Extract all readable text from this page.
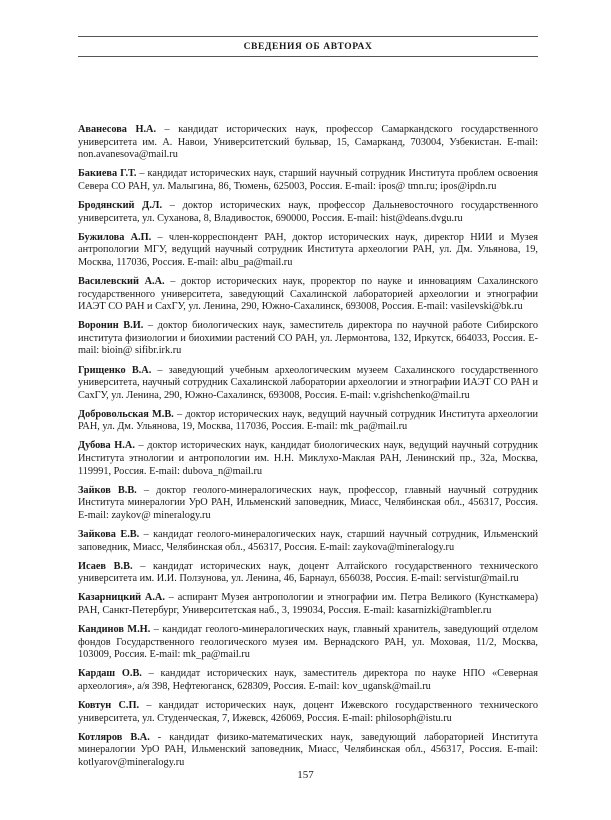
СВЕДЕНИЯ ОБ АВТОРАХ

Аванесова Н.А. – кандидат исторических наук, профессор Самаркандского государственного университета им. А. Навои, Университетский бульвар, 15, Самарканд, 703004, Узбекистан. E-mail: non.avanesova@mail.ru

Бакиева Г.Т. – кандидат исторических наук, старший научный сотрудник Института проблем освоения Севера СО РАН, ул. Малыгина, 86, Тюмень, 625003, Россия. E-mail: ipos@ tmn.ru; ipos@ipdn.ru

Бродянский Д.Л. – доктор исторических наук, профессор Дальневосточного государственного университета, ул. Суханова, 8, Владивосток, 690000, Россия. E-mail: hist@deans.dvgu.ru

Бужилова А.П. – член-корреспондент РАН, доктор исторических наук, директор НИИ и Музея антропологии МГУ, ведущий научный сотрудник Института археологии РАН, ул. Дм. Ульянова, 19, Москва, 117036, Россия. E-mail: albu_pa@mail.ru

Василевский А.А. – доктор исторических наук, проректор по науке и инновациям Сахалинского государственного университета, заведующий Сахалинской лабораторией археологии и этнографии ИАЭТ СО РАН и СахГУ, ул. Ленина, 290, Южно-Сахалинск, 693008, Россия. E-mail: vasilevski@bk.ru

Воронин В.И. – доктор биологических наук, заместитель директора по научной работе Сибирского института физиологии и биохимии растений СО РАН, ул. Лермонтова, 132, Иркутск, 664033, Россия. E-mail: bioin@ sifibr.irk.ru

Грищенко В.А. – заведующий учебным археологическим музеем Сахалинского государственного университета, научный сотрудник Сахалинской лаборатории археологии и этнографии ИАЭТ СО РАН и СахГУ, ул. Ленина, 290, Южно-Сахалинск, 693008, Россия. E-mail: v.grishchenko@mail.ru

Добровольская М.В. – доктор исторических наук, ведущий научный сотрудник Института археологии РАН, ул. Дм. Ульянова, 19, Москва, 117036, Россия. E-mail: mk_pa@mail.ru

Дубова Н.А. – доктор исторических наук, кандидат биологических наук, ведущий научный сотрудник Института этнологии и антропологии им. Н.Н. Миклухо-Маклая РАН, Ленинский пр., 32а, Москва, 119991, Россия. E-mail: dubova_n@mail.ru

Зайков В.В. – доктор геолого-минералогических наук, профессор, главный научный сотрудник Института минералогии УрО РАН, Ильменский заповедник, Миасс, Челябинская обл., 456317, Россия. E-mail: zaykov@ mineralogy.ru

Зайкова Е.В. – кандидат геолого-минералогических наук, старший научный сотрудник, Ильменский заповедник, Миасс, Челябинская обл., 456317, Россия. E-mail: zaykova@mineralogy.ru

Исаев В.В. – кандидат исторических наук, доцент Алтайского государственного технического университета им. И.И. Ползунова, ул. Ленина, 46, Барнаул, 656038, Россия. E-mail: servistur@mail.ru

Казарницкий А.А. – аспирант Музея антропологии и этнографии им. Петра Великого (Кунсткамера) РАН, Санкт-Петербург, Университетская наб., 3, 199034, Россия. E-mail: kasarnizki@rambler.ru

Кандинов М.Н. – кандидат геолого-минералогических наук, главный хранитель, заведующий отделом фондов Государственного геологического музея им. Вернадского РАН, ул. Моховая, 11/2, Москва, 103009, Россия. E-mail: mk_pa@mail.ru

Кардаш О.В. – кандидат исторических наук, заместитель директора по науке НПО «Северная археология», а/я 398, Нефтеюганск, 628309, Россия. E-mail: kov_ugansk@mail.ru

Ковтун С.П. – кандидат исторических наук, доцент Ижевского государственного технического университета, ул. Студенческая, 7, Ижевск, 426069, Россия. E-mail: philosoph@istu.ru

Котляров В.А. - кандидат физико-математических наук, заведующий лабораторией Института минералогии УрО РАН, Ильменский заповедник, Миасс, Челябинская обл., 456317, Россия. E-mail: kotlyarov@mineralogy.ru

157
